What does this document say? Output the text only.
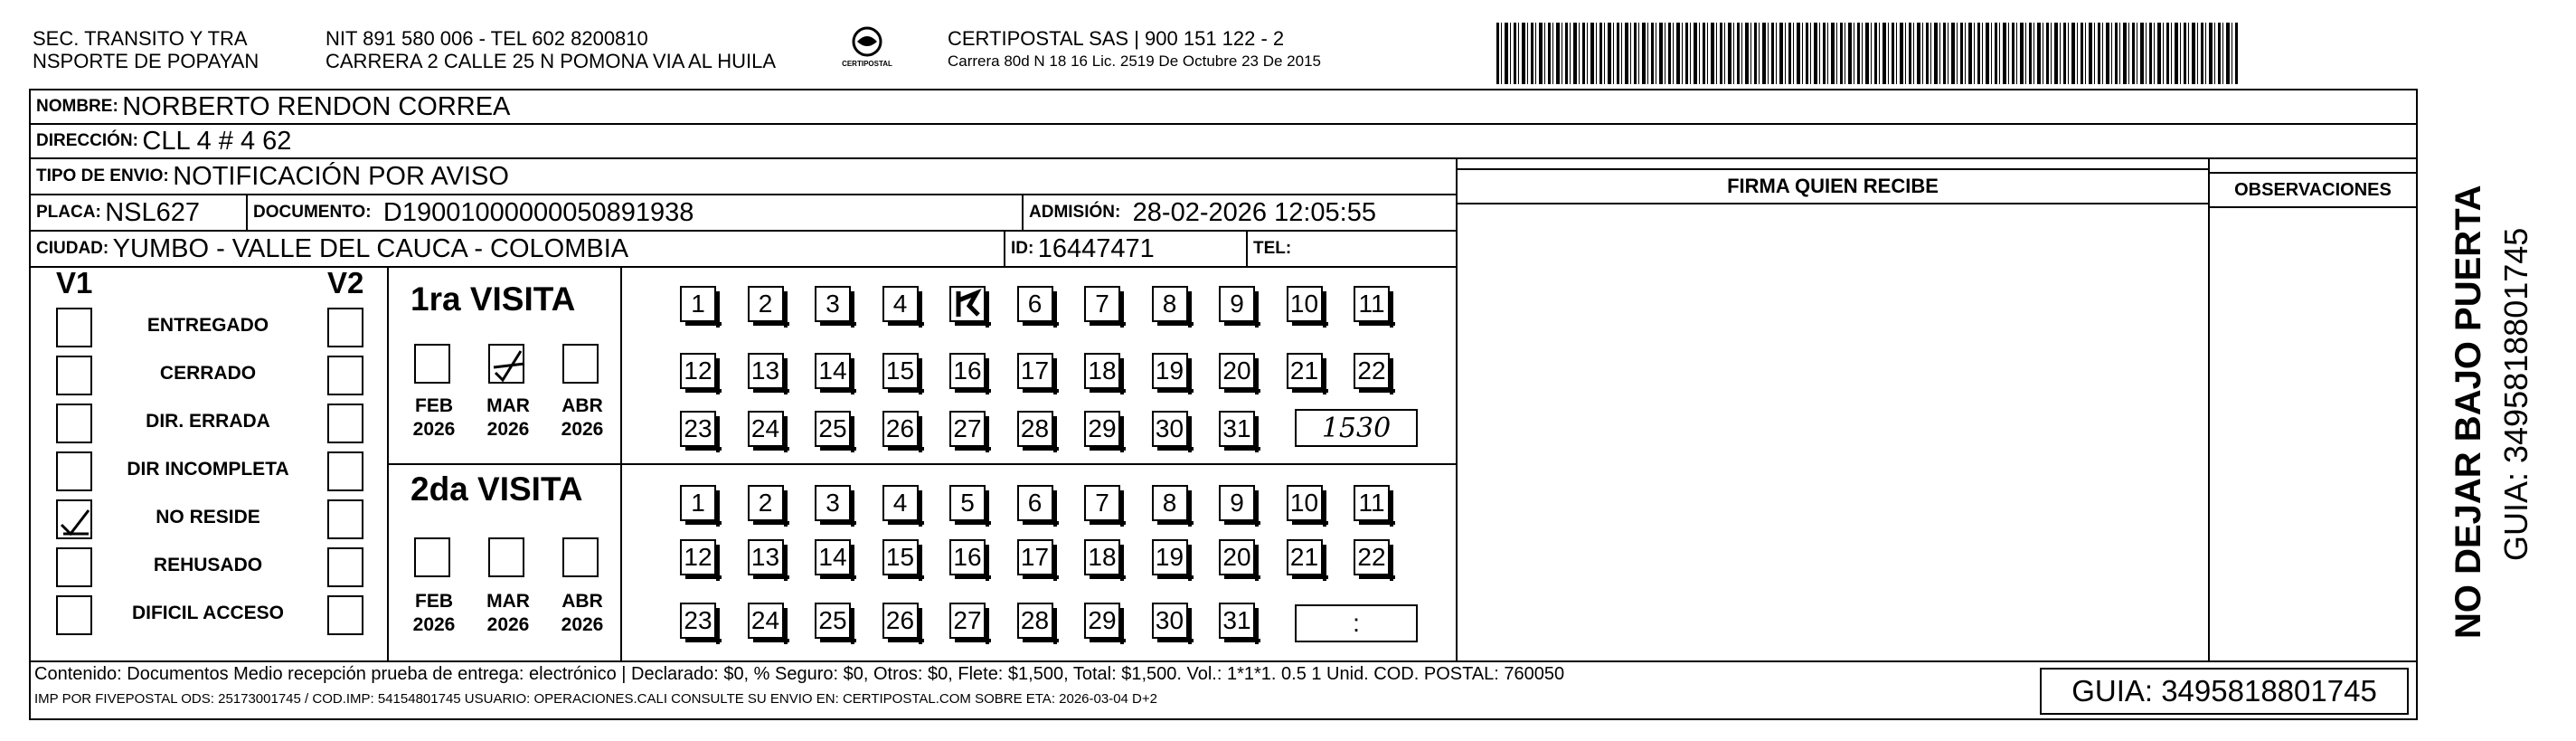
SEC. TRANSITO Y TRA
NSPORTE DE POPAYAN
NIT 891 580 006 - TEL 602 8200810
CARRERA 2 CALLE 25 N POMONA VIA AL HUILA	CERTIPOSTAL
CERTIPOSTAL SAS | 900 151 122 - 2
Carrera 80d N 18 16 Lic. 2519 De Octubre 23 De 2015
NOMBRE:
NORBERTO RENDON CORREA
DIRECCIÓN:
CLL 4 # 4 62
TIPO DE ENVIO:
NOTIFICACIÓN POR AVISO
PLACA:
NSL627	DOCUMENTO:
D19001000000050891938	ADMISIÓN:
28-02-2026 12:05:55
CIUDAD:
YUMBO - VALLE DEL CAUCA - COLOMBIA	ID:
16447471	TEL:

FIRMA QUIEN RECIBE	OBSERVACIONES
V1	V2
ENTREGADO
CERRADO
DIR. ERRADA
DIR INCOMPLETA
NO RESIDE
REHUSADO
DIFICIL ACCESO
1ra VISITA
FEB
2026
MAR
2026
ABR
2026
1 2 3 4	6 7 8 9 10 11
12 13 14 15 16 17 18 19 20 21 22
23 24 25 26 27 28 29 30 31	1530
2da VISITA
FEB
2026
MAR
2026
ABR
2026
1 2 3 4 5 6 7 8 9 10 11
12 13 14 15 16 17 18 19 20 21 22
23 24 25 26 27 28 29 30 31	:
Contenido: Documentos Medio recepción prueba de entrega: electrónico | Declarado: $0, % Seguro: $0, Otros: $0, Flete: $1,500, Total: $1,500. Vol.: 1*1*1. 0.5 1 Unid. COD. POSTAL: 760050
IMP POR FIVEPOSTAL ODS: 25173001745 / COD.IMP: 54154801745 USUARIO: OPERACIONES.CALI CONSULTE SU ENVIO EN: CERTIPOSTAL.COM SOBRE ETA: 2026-03-04 D+2	GUIA: 3495818801745
NO DEJAR BAJO PUERTA GUIA: 3495818801745
